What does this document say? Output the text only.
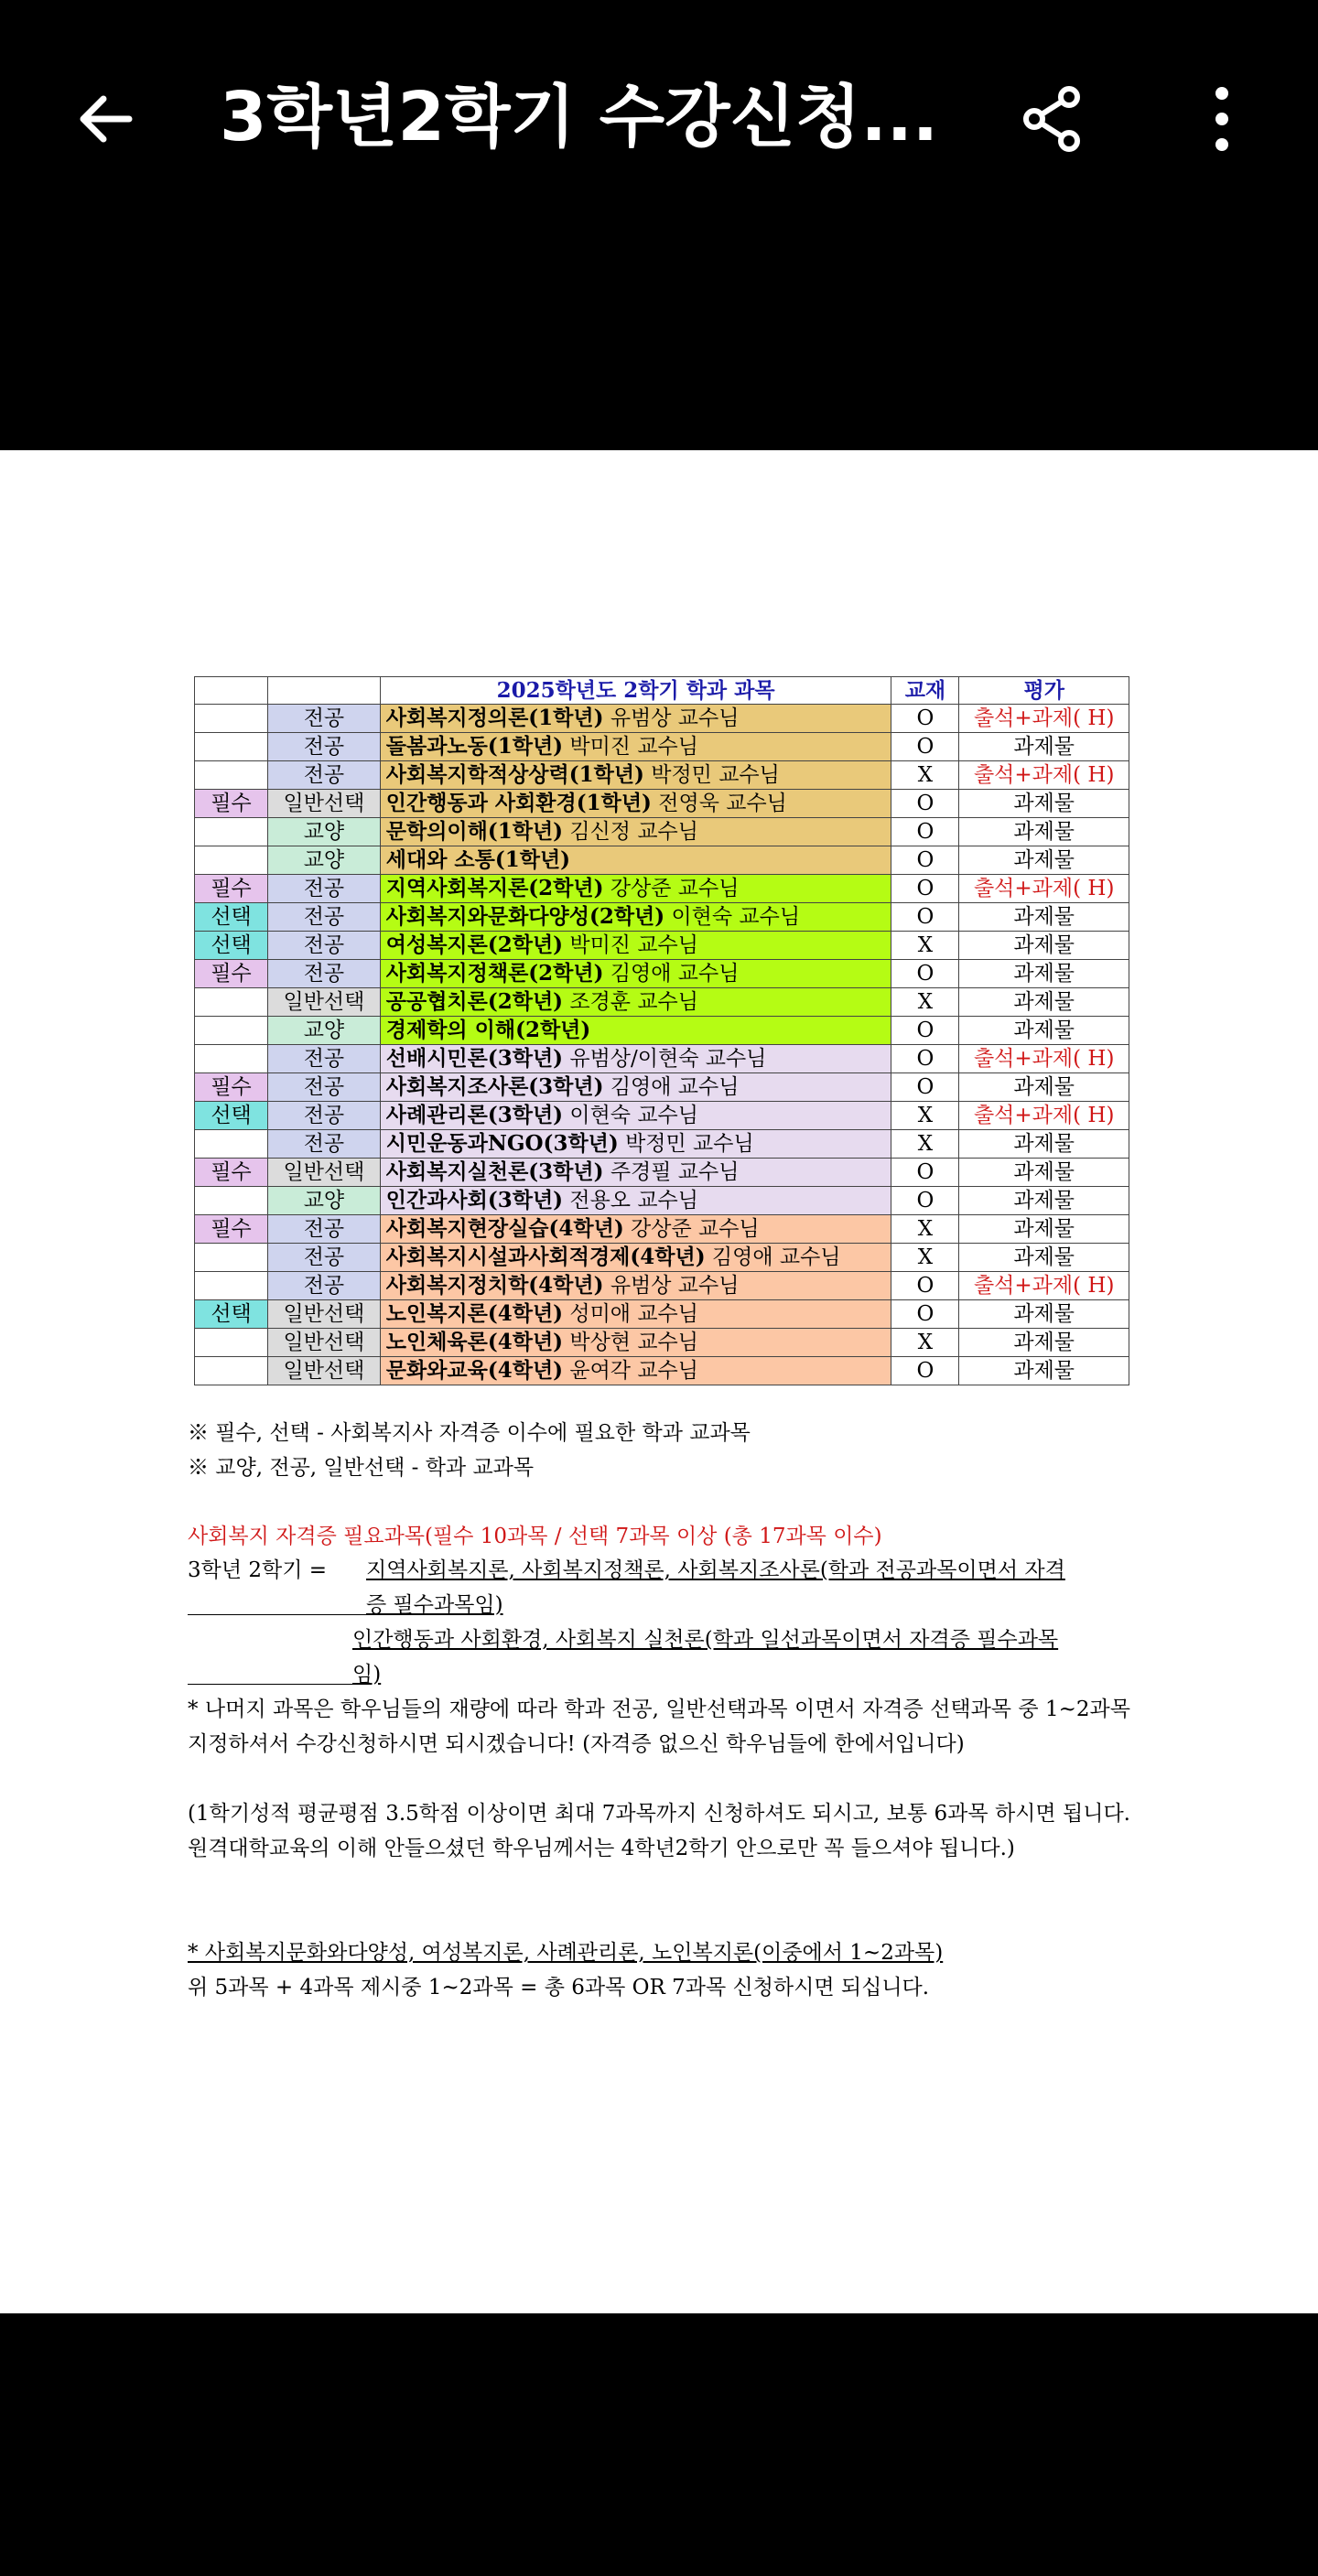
3학년2학기 수강신청...
		2025학년도 2학기 학과 과목	교재	평가
	전공	사회복지정의론(1학년) 유범상 교수님	O	출석+과제( H)
	전공	돌봄과노동(1학년) 박미진 교수님	O	과제물
	전공	사회복지학적상상력(1학년) 박정민 교수님	X	출석+과제( H)
필수	일반선택	인간행동과 사회환경(1학년) 전영욱 교수님	O	과제물
	교양	문학의이해(1학년) 김신정 교수님	O	과제물
	교양	세대와 소통(1학년)	O	과제물
필수	전공	지역사회복지론(2학년) 강상준 교수님	O	출석+과제( H)
선택	전공	사회복지와문화다양성(2학년) 이현숙 교수님	O	과제물
선택	전공	여성복지론(2학년) 박미진 교수님	X	과제물
필수	전공	사회복지정책론(2학년) 김영애 교수님	O	과제물
	일반선택	공공협치론(2학년) 조경훈 교수님	X	과제물
	교양	경제학의 이해(2학년)	O	과제물
	전공	선배시민론(3학년) 유범상/이현숙 교수님	O	출석+과제( H)
필수	전공	사회복지조사론(3학년) 김영애 교수님	O	과제물
선택	전공	사례관리론(3학년) 이현숙 교수님	X	출석+과제( H)
	전공	시민운동과NGO(3학년) 박정민 교수님	X	과제물
필수	일반선택	사회복지실천론(3학년) 주경필 교수님	O	과제물
	교양	인간과사회(3학년) 전용오 교수님	O	과제물
필수	전공	사회복지현장실습(4학년) 강상준 교수님	X	과제물
	전공	사회복지시설과사회적경제(4학년) 김영애 교수님	X	과제물
	전공	사회복지정치학(4학년) 유범상 교수님	O	출석+과제( H)
선택	일반선택	노인복지론(4학년) 성미애 교수님	O	과제물
	일반선택	노인체육론(4학년) 박상현 교수님	X	과제물
	일반선택	문화와교육(4학년) 윤여각 교수님	O	과제물
※ 필수, 선택 - 사회복지사 자격증 이수에 필요한 학과 교과목
※ 교양, 전공, 일반선택 - 학과 교과목
사회복지 자격증 필요과목(필수 10과목 / 선택 7과목 이상 (총 17과목 이수)
3학년 2학기 = 지역사회복지론, 사회복지정책론, 사회복지조사론(학과 전공과목이면서 자격
증 필수과목임)
인간행동과 사회환경, 사회복지 실천론(학과 일선과목이면서 자격증 필수과목
임)
* 나머지 과목은 학우님들의 재량에 따라 학과 전공, 일반선택과목 이면서 자격증 선택과목 중 1~2과목 지정하셔서 수강신청하시면 되시겠습니다! (자격증 없으신 학우님들에 한에서입니다)
(1학기성적 평균평점 3.5학점 이상이면 최대 7과목까지 신청하셔도 되시고, 보통 6과목 하시면 됩니다. 원격대학교육의 이해 안들으셨던 학우님께서는 4학년2학기 안으로만 꼭 들으셔야 됩니다.)
* 사회복지문화와다양성, 여성복지론, 사례관리론, 노인복지론(이중에서 1~2과목)
위 5과목 + 4과목 제시중 1~2과목 = 총 6과목 OR 7과목 신청하시면 되십니다.
